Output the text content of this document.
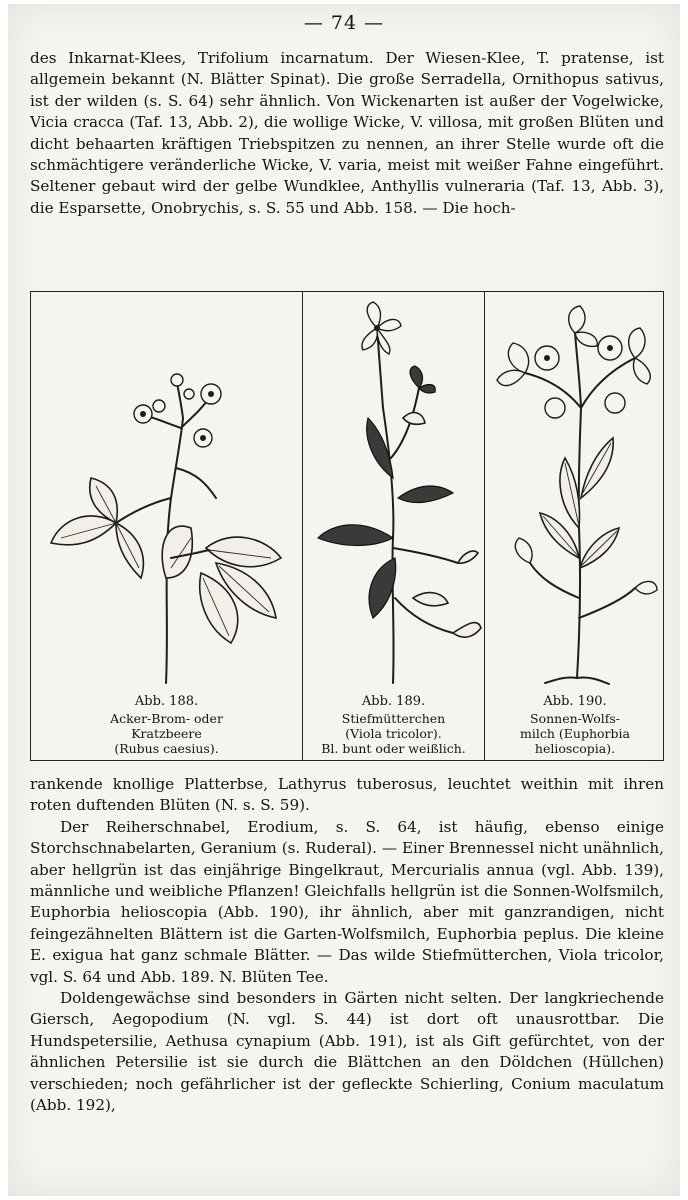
— 74 —

des Inkarnat-Klees, Trifolium incarnatum. Der Wiesen-Klee, T. pratense, ist allgemein bekannt (N. Blätter Spinat). Die große Serradella, Ornithopus sativus, ist der wilden (s. S. 64) sehr ähnlich. Von Wickenarten ist außer der Vogelwicke, Vicia cracca (Taf. 13, Abb. 2), die wollige Wicke, V. villosa, mit großen Blüten und dicht behaarten kräftigen Triebspitzen zu nennen, an ihrer Stelle wurde oft die schmächtigere veränderliche Wicke, V. varia, meist mit weißer Fahne eingeführt. Seltener gebaut wird der gelbe Wundklee, Anthyllis vulneraria (Taf. 13, Abb. 3), die Esparsette, Onobrychis, s. S. 55 und Abb. 158. — Die hoch-

Abb. 188.
Acker-Brom- oder
Kratzbeere
(Rubus caesius).
Abb. 189.
Stiefmütterchen
(Viola tricolor).
Bl. bunt oder weißlich.
Abb. 190.
Sonnen-Wolfs-
milch (Euphorbia
helioscopia).

rankende knollige Platterbse, Lathyrus tuberosus, leuchtet weithin mit ihren roten duftenden Blüten (N. s. S. 59).

Der Reiherschnabel, Erodium, s. S. 64, ist häufig, ebenso einige Storchschnabelarten, Geranium (s. Ruderal). — Einer Brennessel nicht unähnlich, aber hellgrün ist das einjährige Bingelkraut, Mercurialis annua (vgl. Abb. 139), männliche und weibliche Pflanzen! Gleichfalls hellgrün ist die Sonnen-Wolfsmilch, Euphorbia helioscopia (Abb. 190), ihr ähnlich, aber mit ganzrandigen, nicht feingezähnelten Blättern ist die Garten-Wolfsmilch, Euphorbia peplus. Die kleine E. exigua hat ganz schmale Blätter. — Das wilde Stiefmütterchen, Viola tricolor, vgl. S. 64 und Abb. 189. N. Blüten Tee.

Doldengewächse sind besonders in Gärten nicht selten. Der langkriechende Giersch, Aegopodium (N. vgl. S. 44) ist dort oft unausrottbar. Die Hundspetersilie, Aethusa cynapium (Abb. 191), ist als Gift gefürchtet, von der ähnlichen Petersilie ist sie durch die Blättchen an den Döldchen (Hüllchen) verschieden; noch gefährlicher ist der gefleckte Schierling, Conium maculatum (Abb. 192),
